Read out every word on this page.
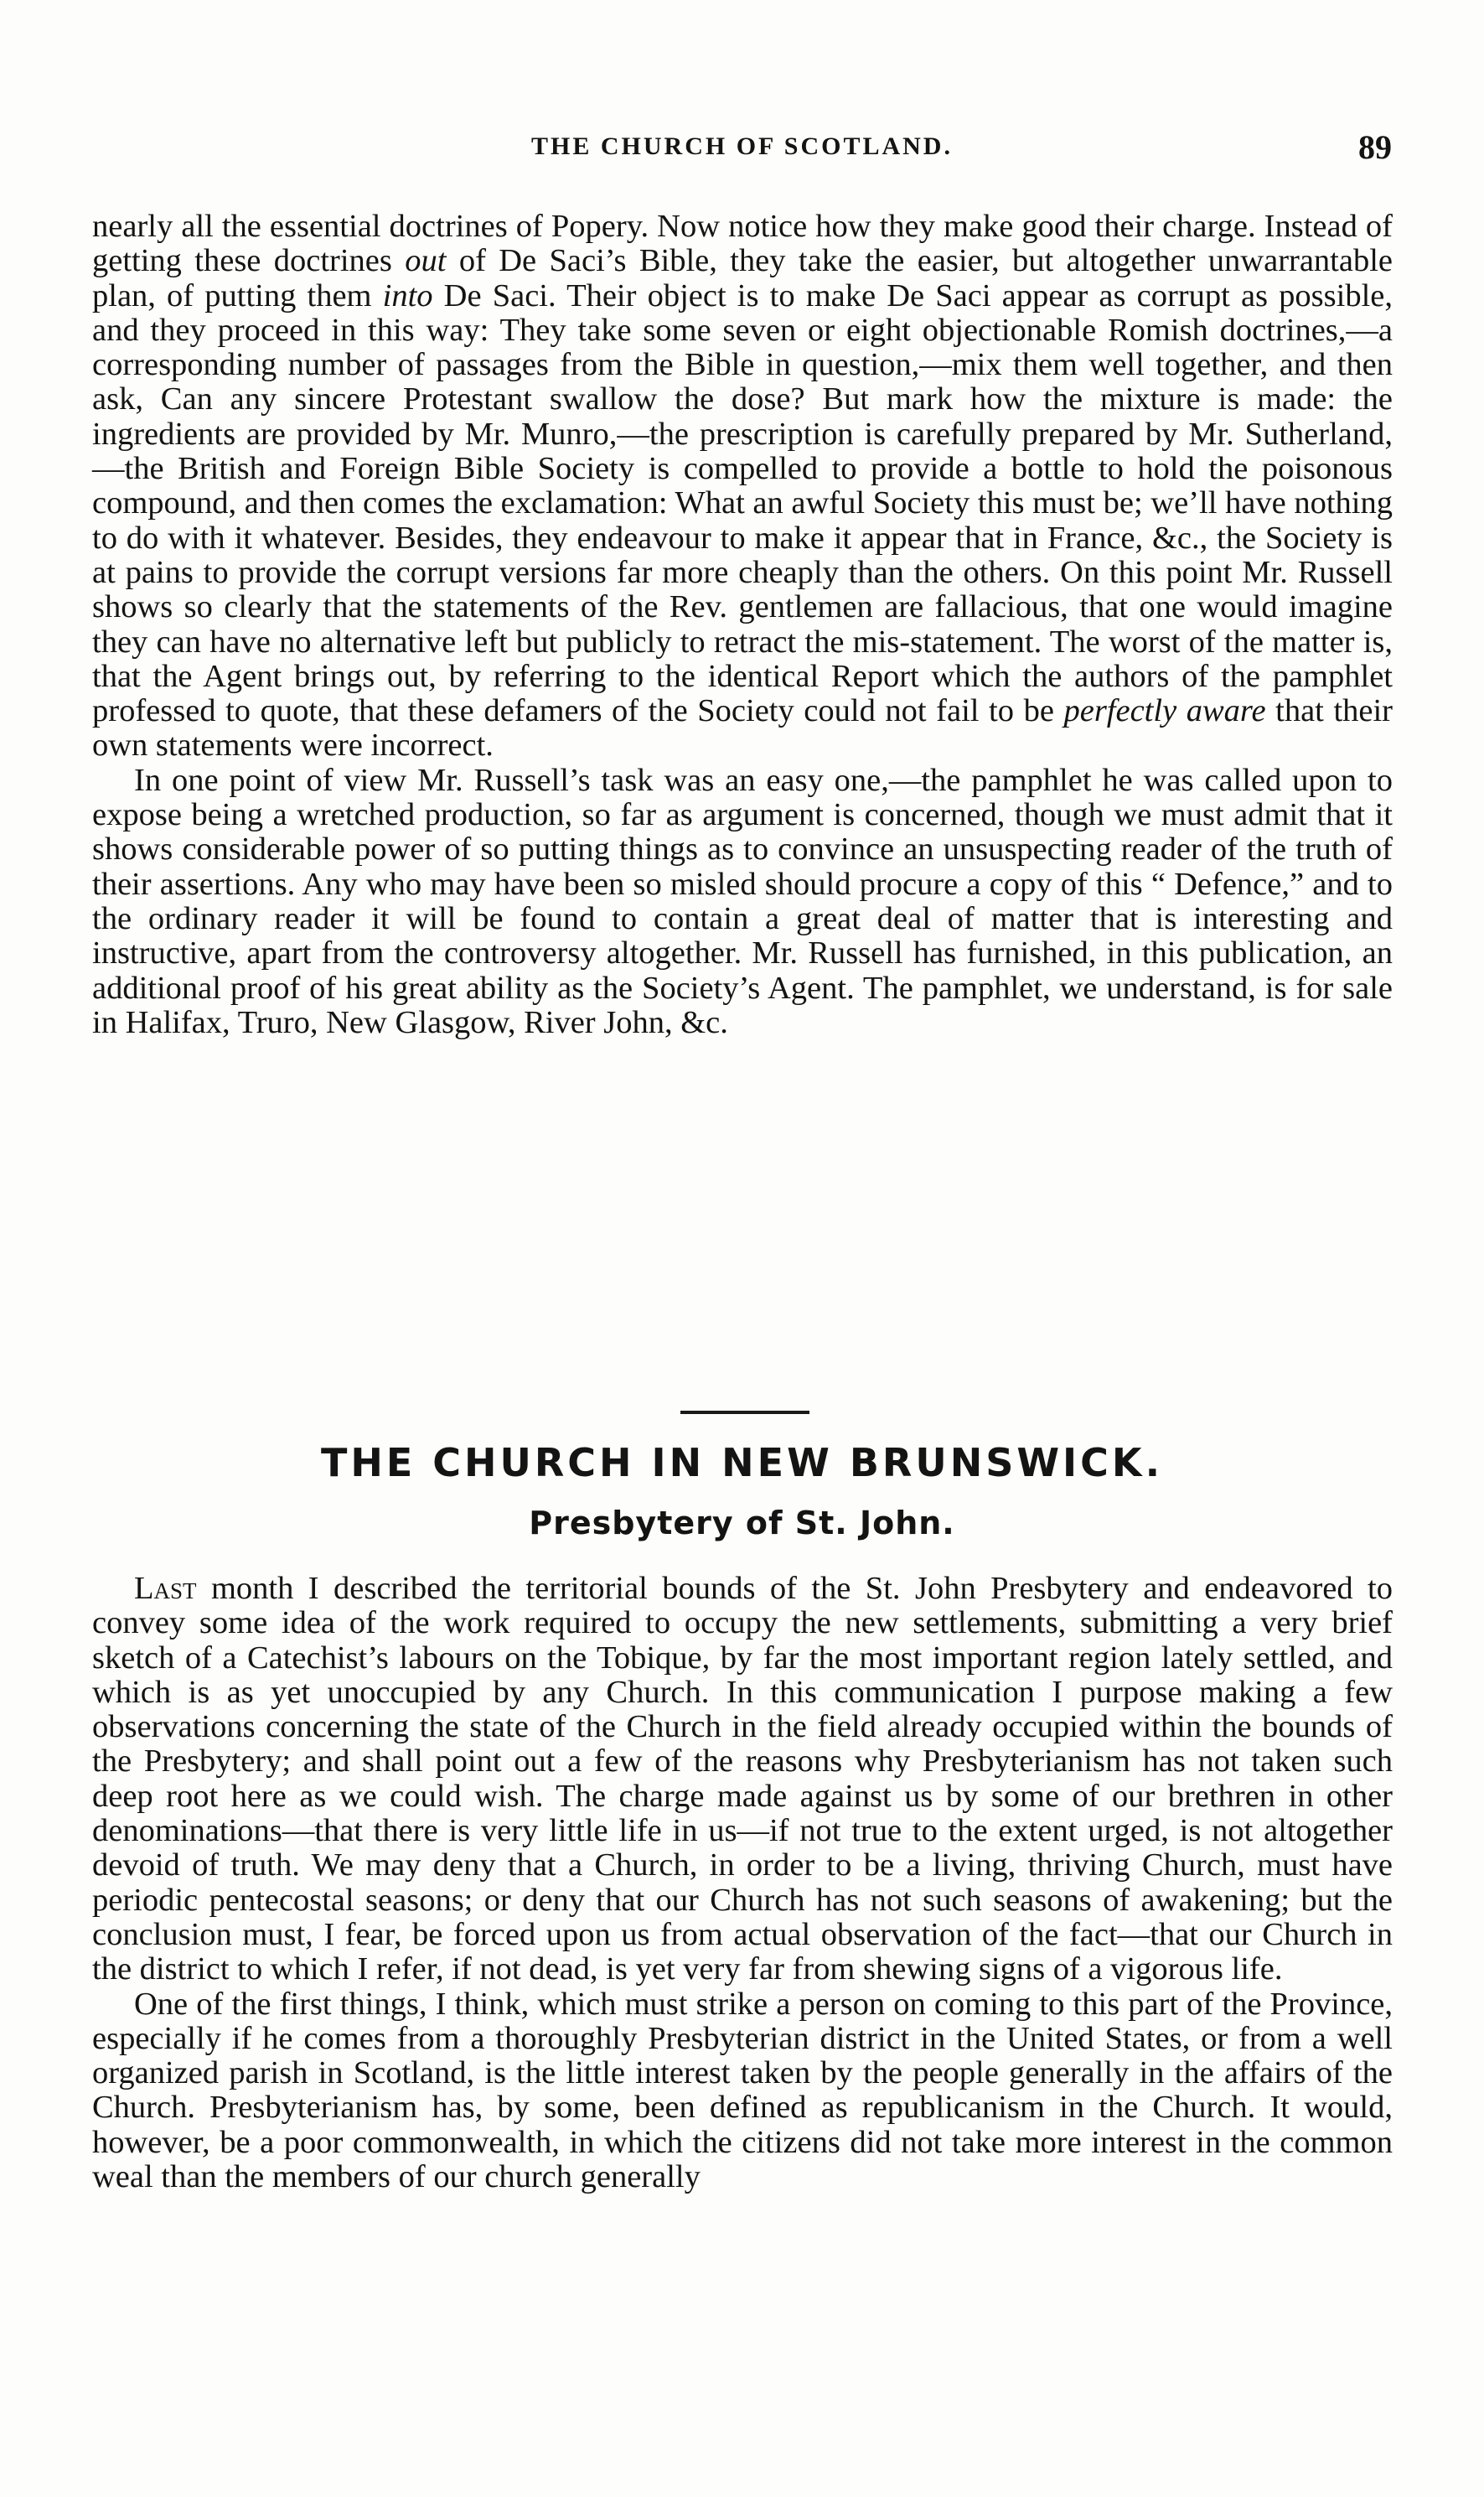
THE CHURCH OF SCOTLAND.	89

nearly all the essential doctrines of Popery. Now notice how they make good their charge. Instead of getting these doctrines out of De Saci’s Bible, they take the easier, but altogether unwarrantable plan, of putting them into De Saci. Their object is to make De Saci appear as corrupt as possible, and they proceed in this way: They take some seven or eight objectionable Romish doctrines,—a corresponding number of passages from the Bible in question,—mix them well together, and then ask, Can any sincere Protestant swallow the dose? But mark how the mixture is made: the ingredients are provided by Mr. Munro,—the prescription is carefully prepared by Mr. Sutherland,—the British and Foreign Bible Society is compelled to provide a bottle to hold the poisonous compound, and then comes the exclamation: What an awful Society this must be; we’ll have nothing to do with it whatever. Besides, they endeavour to make it appear that in France, &c., the Society is at pains to provide the corrupt versions far more cheaply than the others. On this point Mr. Russell shows so clearly that the statements of the Rev. gentlemen are fallacious, that one would imagine they can have no alternative left but publicly to retract the mis-statement. The worst of the matter is, that the Agent brings out, by referring to the identical Report which the authors of the pamphlet professed to quote, that these defamers of the Society could not fail to be perfectly aware that their own statements were incorrect.

In one point of view Mr. Russell’s task was an easy one,—the pamphlet he was called upon to expose being a wretched production, so far as argument is concerned, though we must admit that it shows considerable power of so putting things as to convince an unsuspecting reader of the truth of their assertions. Any who may have been so misled should procure a copy of this “ Defence,” and to the ordinary reader it will be found to contain a great deal of matter that is interesting and instructive, apart from the controversy altogether. Mr. Russell has furnished, in this publication, an additional proof of his great ability as the Society’s Agent. The pamphlet, we understand, is for sale in Halifax, Truro, New Glasgow, River John, &c.

THE CHURCH IN NEW BRUNSWICK.
Presbytery of St. John.

Last month I described the territorial bounds of the St. John Presbytery and endeavored to convey some idea of the work required to occupy the new settlements, submitting a very brief sketch of a Catechist’s labours on the Tobique, by far the most important region lately settled, and which is as yet unoccupied by any Church. In this communication I purpose making a few observations concerning the state of the Church in the field already occupied within the bounds of the Presbytery; and shall point out a few of the reasons why Presbyterianism has not taken such deep root here as we could wish. The charge made against us by some of our brethren in other denominations—that there is very little life in us—if not true to the extent urged, is not altogether devoid of truth. We may deny that a Church, in order to be a living, thriving Church, must have periodic pentecostal seasons; or deny that our Church has not such seasons of awakening; but the conclusion must, I fear, be forced upon us from actual observation of the fact—that our Church in the district to which I refer, if not dead, is yet very far from shewing signs of a vigorous life.

One of the first things, I think, which must strike a person on coming to this part of the Province, especially if he comes from a thoroughly Presbyterian district in the United States, or from a well organized parish in Scotland, is the little interest taken by the people generally in the affairs of the Church. Presbyterianism has, by some, been defined as republicanism in the Church. It would, however, be a poor commonwealth, in which the citizens did not take more interest in the common weal than the members of our church generally
